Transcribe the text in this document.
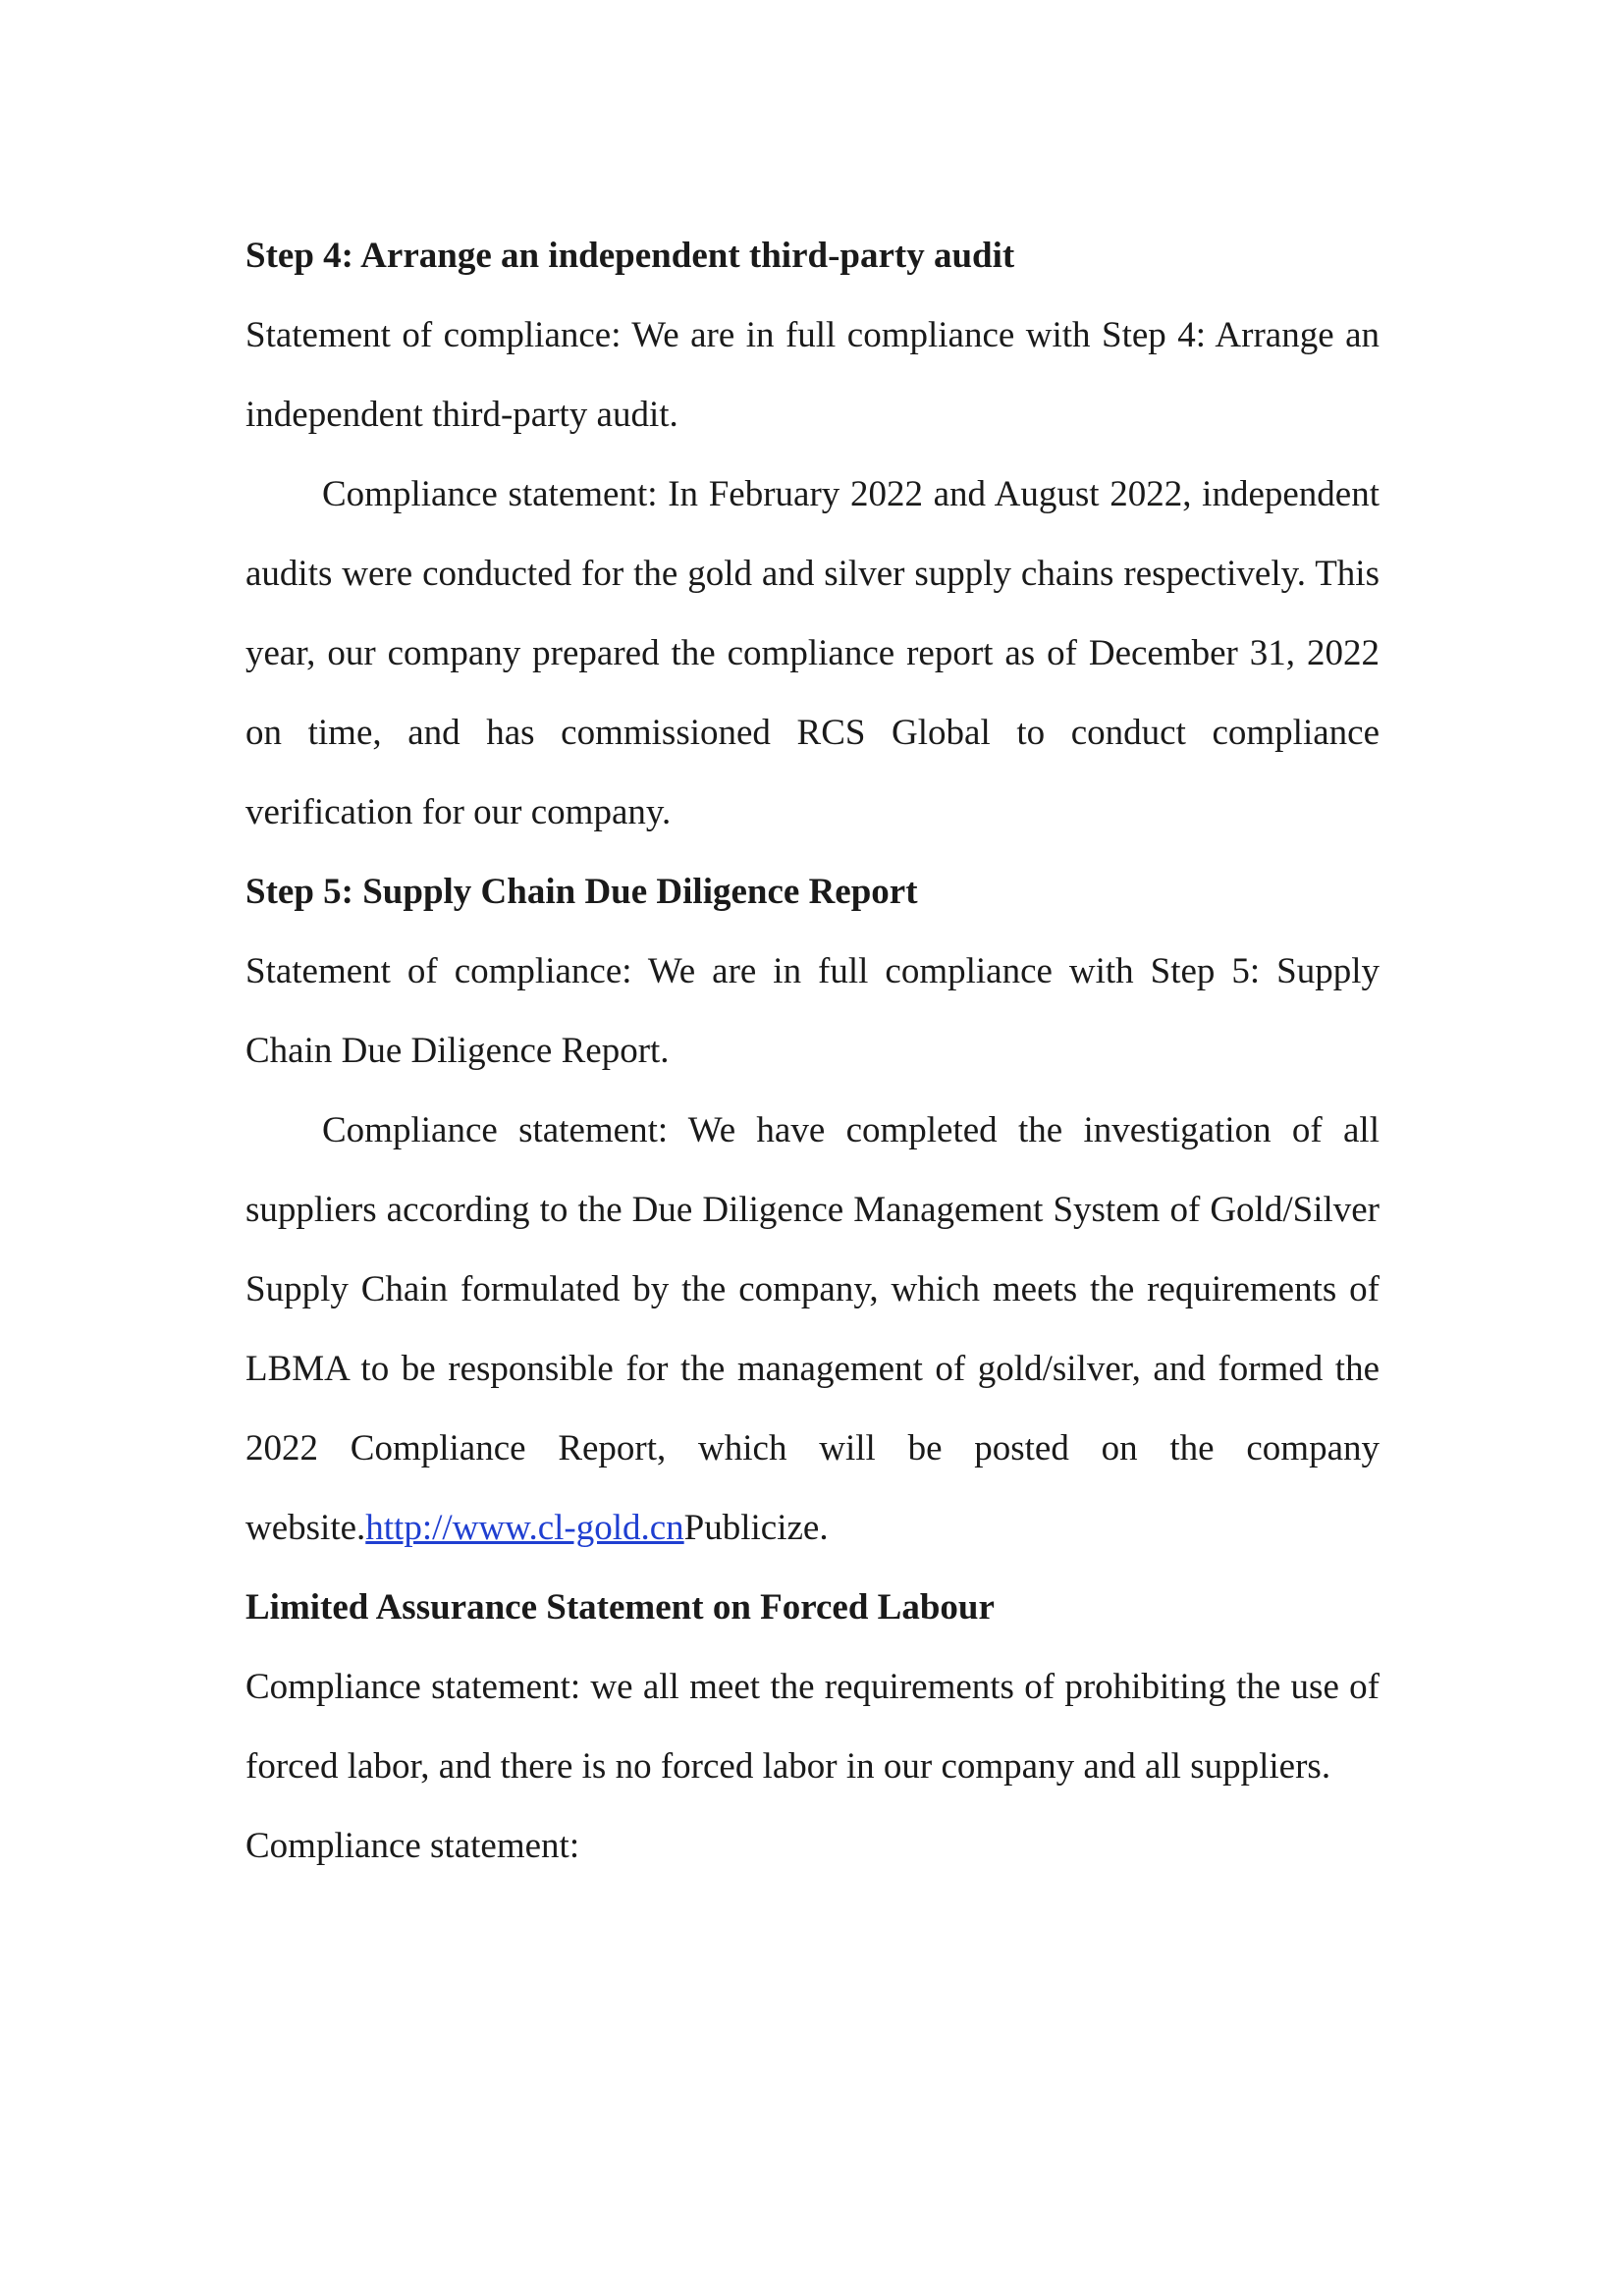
Step 4: Arrange an independent third-party audit

Statement of compliance: We are in full compliance with Step 4: Arrange an independent third-party audit.

Compliance statement: In February 2022 and August 2022, independent audits were conducted for the gold and silver supply chains respectively. This year, our company prepared the compliance report as of December 31, 2022 on time, and has commissioned RCS Global to conduct compliance verification for our company.

Step 5: Supply Chain Due Diligence Report

Statement of compliance: We are in full compliance with Step 5: Supply Chain Due Diligence Report.

Compliance statement: We have completed the investigation of all suppliers according to the Due Diligence Management System of Gold/Silver Supply Chain formulated by the company, which meets the requirements of LBMA to be responsible for the management of gold/silver, and formed the 2022 Compliance Report, which will be posted on the company website.http://www.cl-gold.cnPublicize.

Limited Assurance Statement on Forced Labour

Compliance statement: we all meet the requirements of prohibiting the use of forced labor, and there is no forced labor in our company and all suppliers.

Compliance statement:
